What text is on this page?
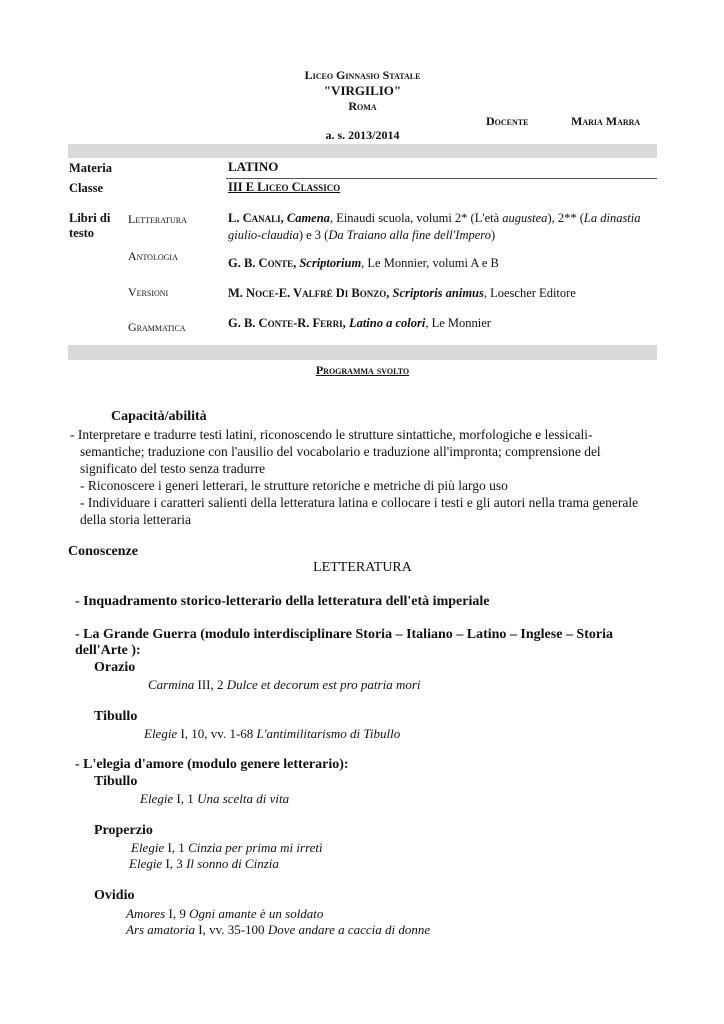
Liceo Ginnasio Statale
"VIRGILIO"
Roma
Docente	Maria Marra
a. s. 2013/2014
Materia	LATINO
Classe	III E Liceo Classico
Libri di
testo
Letteratura	L. Canali, Camena, Einaudi scuola, volumi 2* (L'età augustea), 2** (La dinastia
giulio-claudia) e 3 (Da Traiano alla fine dell'Impero)
Antologia	G. B. Conte, Scriptorium, Le Monnier, volumi A e B
Versioni	M. Noce-E. Valfré Di Bonzo, Scriptoris animus, Loescher Editore
Grammatica	G. B. Conte-R. Ferri, Latino a colori, Le Monnier
Programma svolto
Capacità/abilità
- Interpretare e tradurre testi latini, riconoscendo le strutture sintattiche, morfologiche e lessicali-
semantiche; traduzione con l'ausilio del vocabolario e traduzione all'impronta; comprensione del
significato del testo senza tradurre
- Riconoscere i generi letterari, le strutture retoriche e metriche di più largo uso
- Individuare i caratteri salienti della letteratura latina e collocare i testi e gli autori nella trama generale
della storia letteraria
Conoscenze
LETTERATURA
- Inquadramento storico-letterario della letteratura dell'età imperiale
- La Grande Guerra (modulo interdisciplinare Storia – Italiano – Latino – Inglese – Storia
dell'Arte ):
Orazio
Carmina III, 2 Dulce et decorum est pro patria mori
Tibullo
Elegie I, 10, vv. 1-68 L'antimilitarismo di Tibullo
- L'elegia d'amore (modulo genere letterario):
Tibullo
Elegie I, 1 Una scelta di vita
Properzio
Elegie I, 1 Cinzia per prima mi irretì
Elegie I, 3 Il sonno di Cinzia
Ovidio
Amores I, 9 Ogni amante è un soldato
Ars amatoria I, vv. 35-100 Dove andare a caccia di donne
